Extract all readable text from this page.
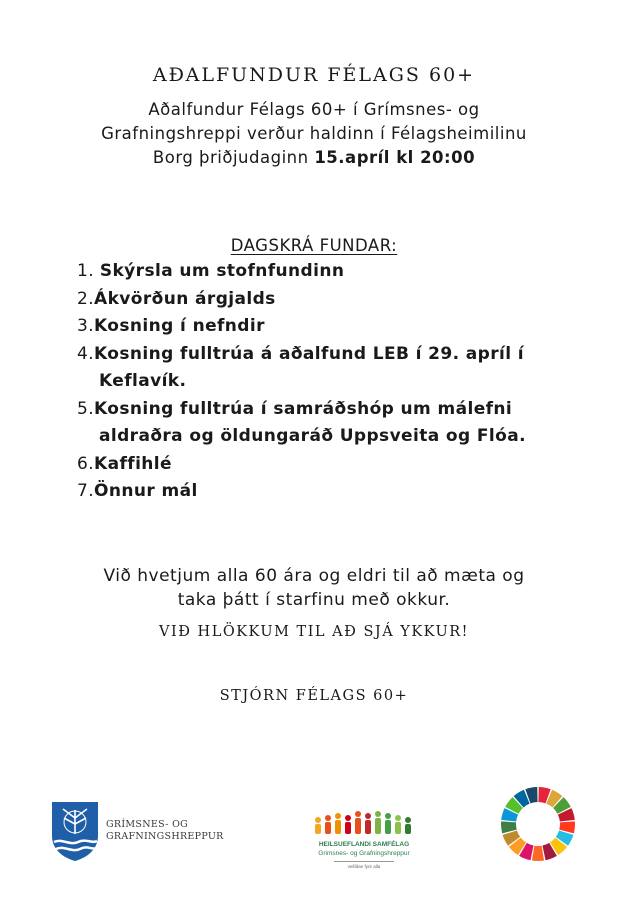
AÐALFUNDUR FÉLAGS 60+
Aðalfundur Félags 60+ í Grímsnes- og
Grafningshreppi verður haldinn í Félagsheimilinu
Borg þriðjudaginn 15.apríl kl 20:00
DAGSKRÁ FUNDAR:
1. Skýrsla um stofnfundinn
2.Ákvörðun árgjalds
3.Kosning í nefndir
4.Kosning fulltrúa á aðalfund LEB í 29. apríl í
Keflavík.
5.Kosning fulltrúa í samráðshóp um málefni
aldraðra og öldungaráð Uppsveita og Flóa.
6.Kaffihlé
7.Önnur mál
Við hvetjum alla 60 ára og eldri til að mæta og
taka þátt í starfinu með okkur.
VIÐ HLÖKKUM TIL AÐ SJÁ YKKUR!
STJÓRN FÉLAGS 60+
GRÍMSNES- OG
GRAFNINGSHREPPUR
HEILSUEFLANDI SAMFÉLAG
Grimsnes- og Grafningshreppur
vellíðan fyrir alla
